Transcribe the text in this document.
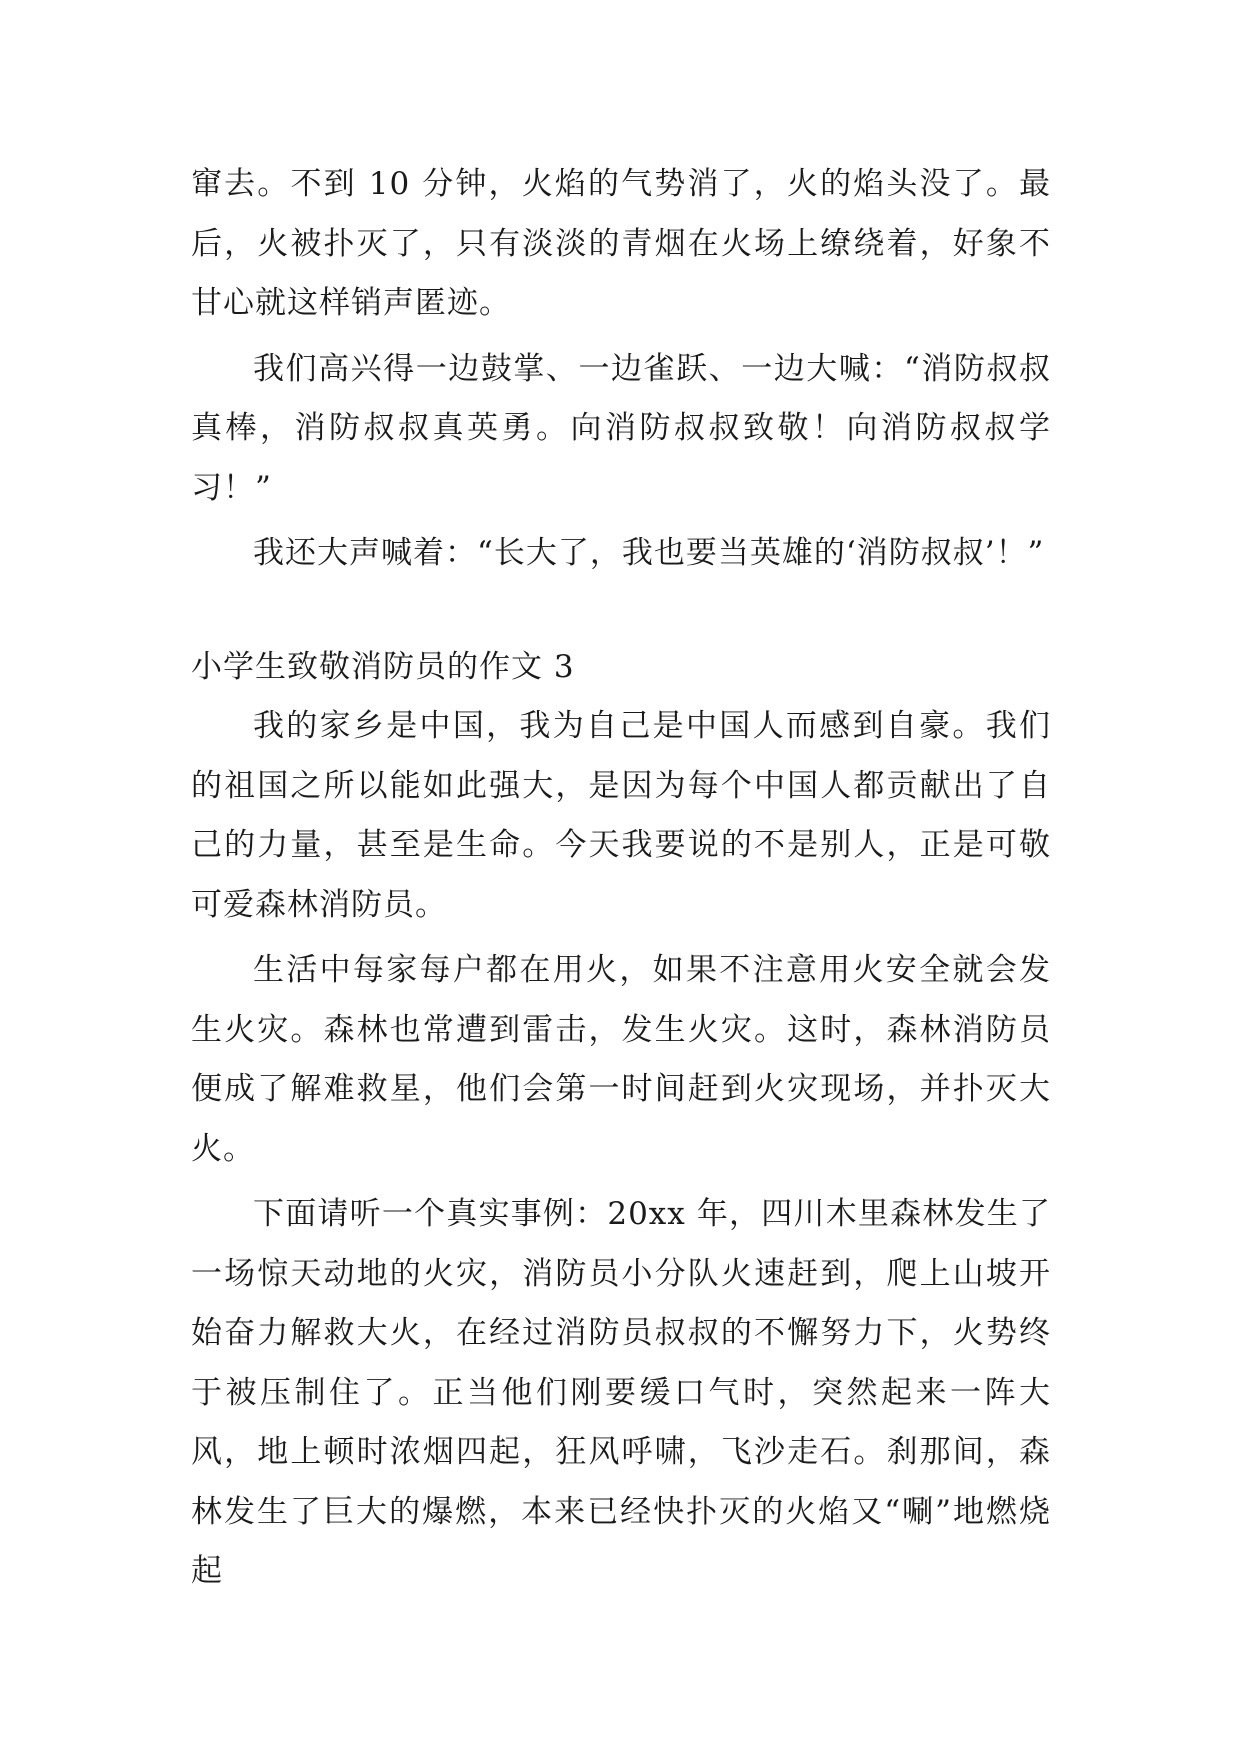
窜去。不到 10 分钟，火焰的气势消了，火的焰头没了。最后，火被扑灭了，只有淡淡的青烟在火场上缭绕着，好象不甘心就这样销声匿迹。

我们高兴得一边鼓掌、一边雀跃、一边大喊：“消防叔叔真棒，消防叔叔真英勇。向消防叔叔致敬！向消防叔叔学习！”

我还大声喊着：“长大了，我也要当英雄的‘消防叔叔’！”

小学生致敬消防员的作文 3

我的家乡是中国，我为自己是中国人而感到自豪。我们的祖国之所以能如此强大，是因为每个中国人都贡献出了自己的力量，甚至是生命。今天我要说的不是别人，正是可敬可爱森林消防员。

生活中每家每户都在用火，如果不注意用火安全就会发生火灾。森林也常遭到雷击，发生火灾。这时，森林消防员便成了解难救星，他们会第一时间赶到火灾现场，并扑灭大火。

下面请听一个真实事例：20xx 年，四川木里森林发生了一场惊天动地的火灾，消防员小分队火速赶到，爬上山坡开始奋力解救大火，在经过消防员叔叔的不懈努力下，火势终于被压制住了。正当他们刚要缓口气时，突然起来一阵大风，地上顿时浓烟四起，狂风呼啸，飞沙走石。刹那间，森林发生了巨大的爆燃，本来已经快扑灭的火焰又“唰”地燃烧起
